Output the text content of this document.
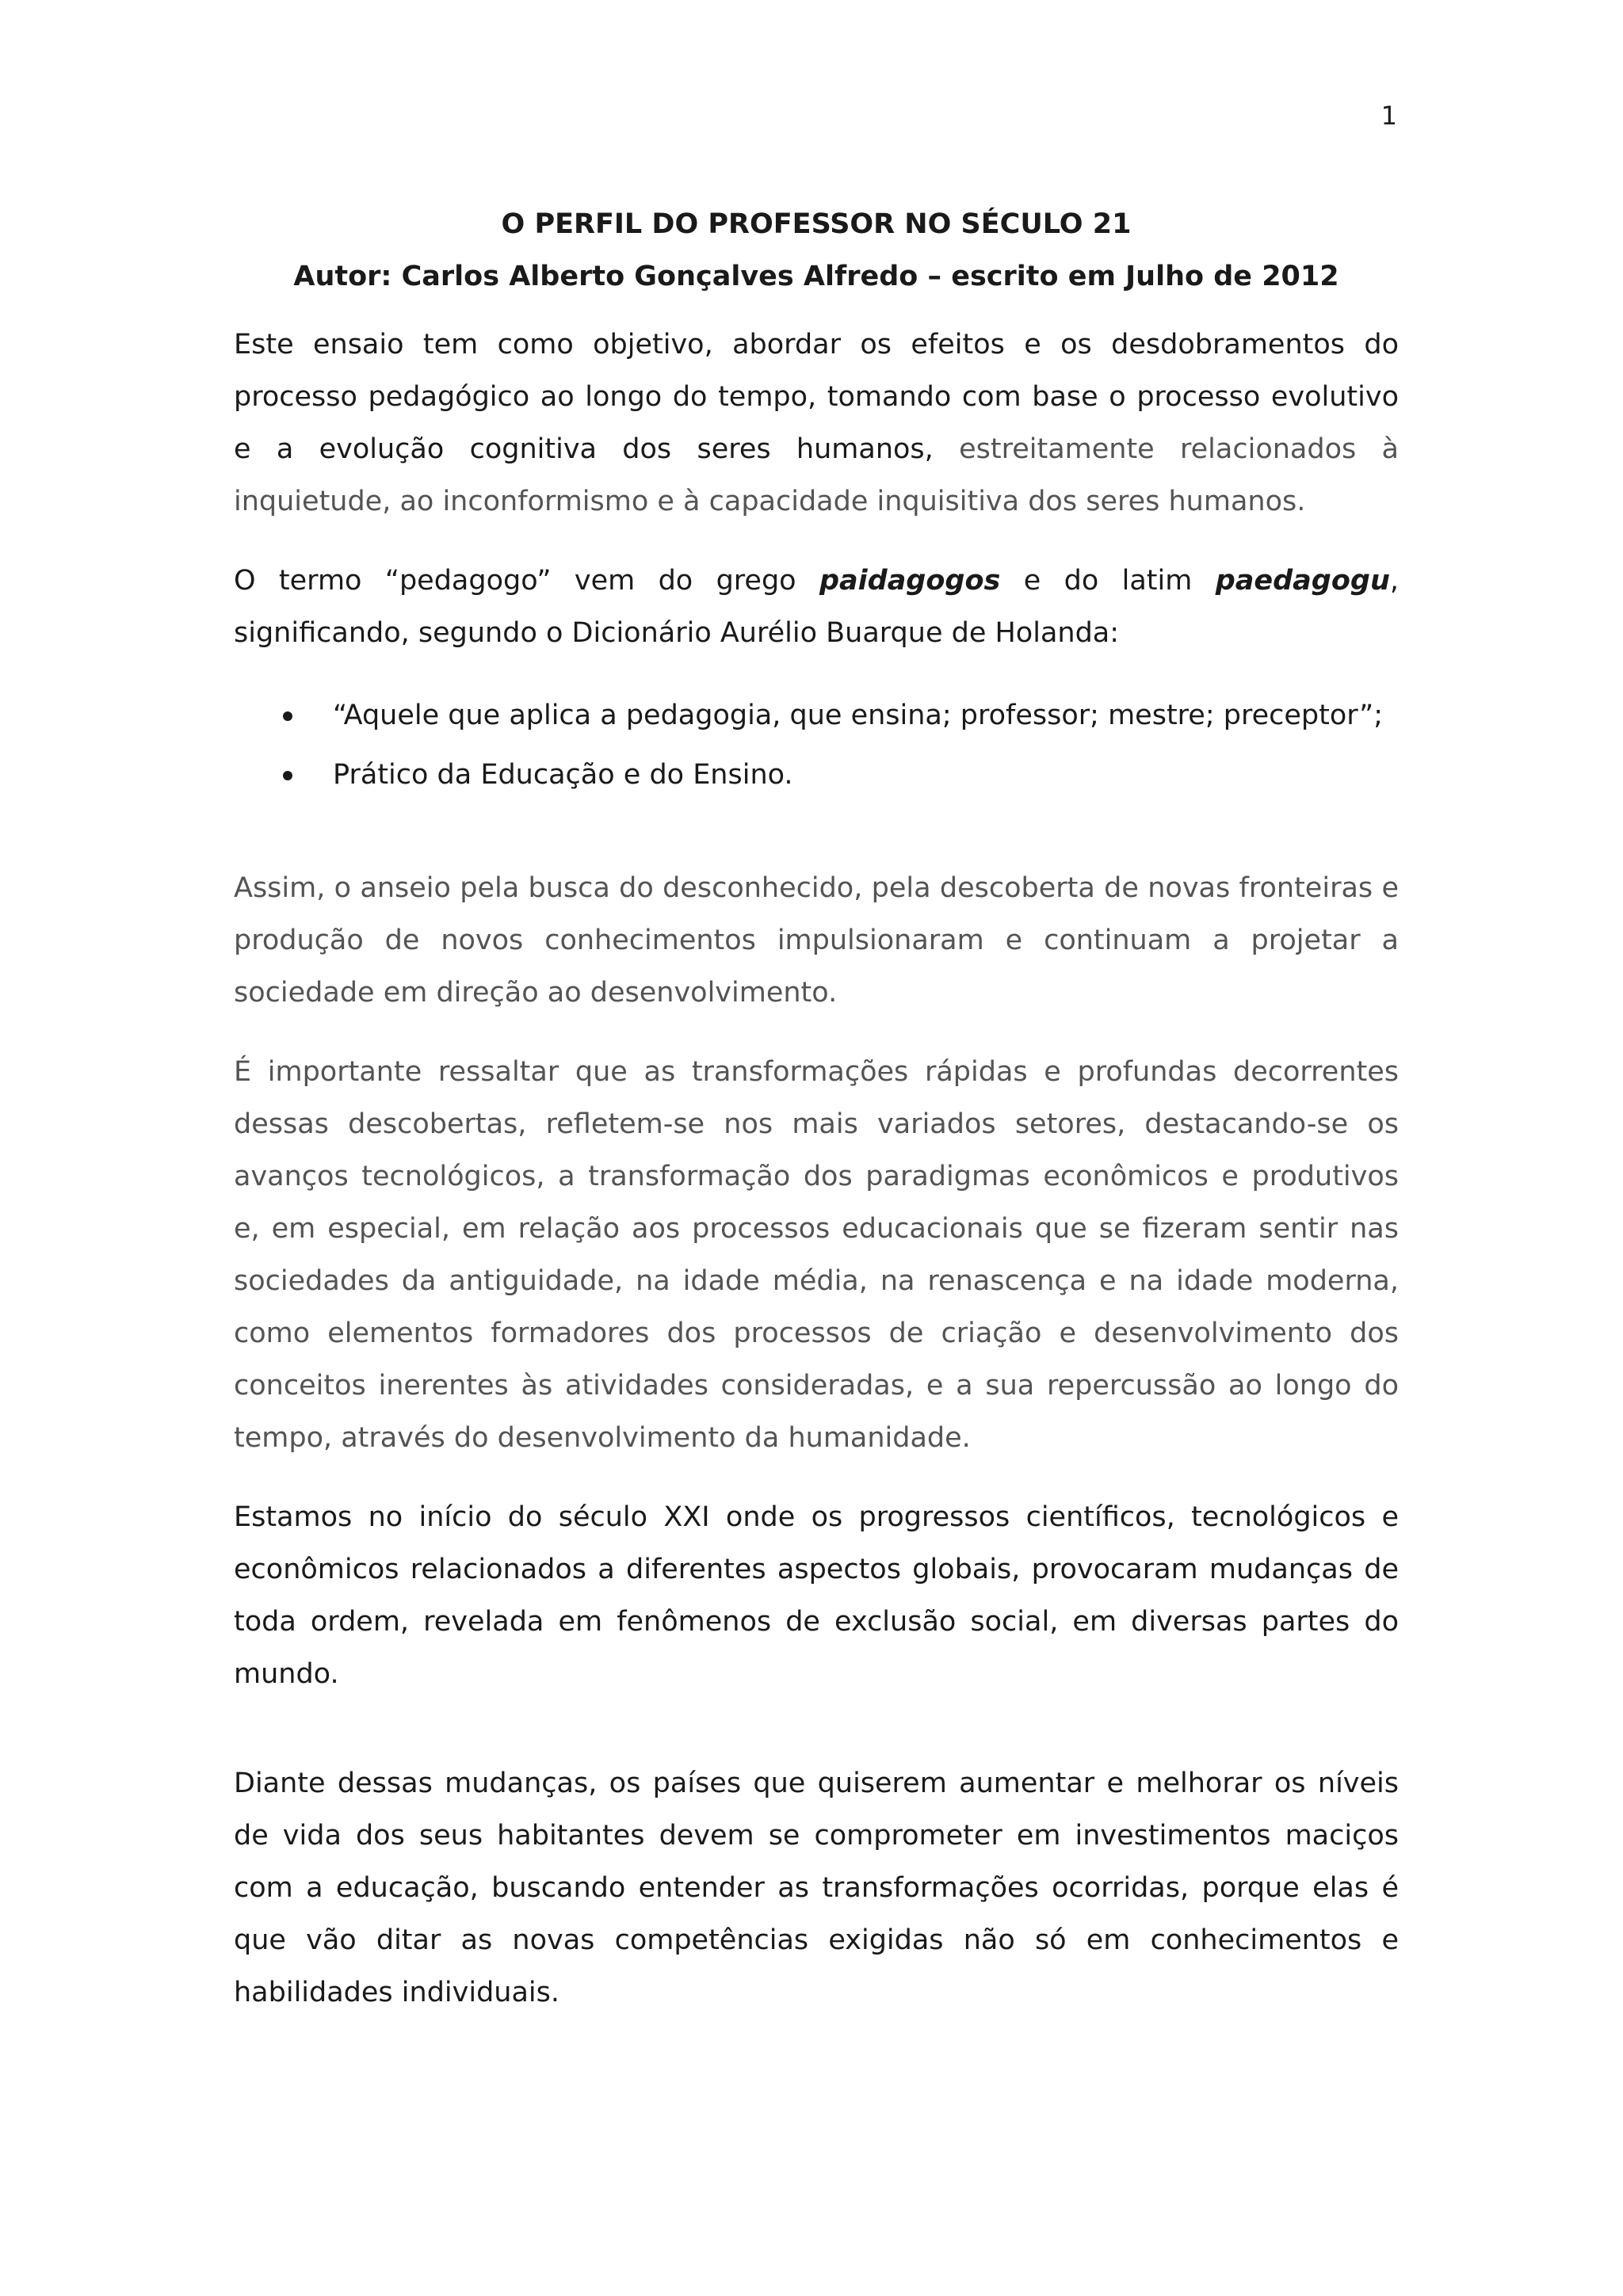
1
O PERFIL DO PROFESSOR NO SÉCULO 21
Autor: Carlos Alberto Gonçalves Alfredo – escrito em Julho de 2012

Este ensaio tem como objetivo, abordar os efeitos e os desdobramentos do processo pedagógico ao longo do tempo, tomando com base o processo evolutivo e a evolução cognitiva dos seres humanos, estreitamente relacionados à inquietude, ao inconformismo e à capacidade inquisitiva dos seres humanos.

O termo “pedagogo” vem do grego paidagogos e do latim paedagogu, significando, segundo o Dicionário Aurélio Buarque de Holanda:

“Aquele que aplica a pedagogia, que ensina; professor; mestre; preceptor”;
Prático da Educação e do Ensino.

Assim, o anseio pela busca do desconhecido, pela descoberta de novas fronteiras e produção de novos conhecimentos impulsionaram e continuam a projetar a sociedade em direção ao desenvolvimento.

É importante ressaltar que as transformações rápidas e profundas decorrentes dessas descobertas, refletem-se nos mais variados setores, destacando-se os avanços tecnológicos, a transformação dos paradigmas econômicos e produtivos e, em especial, em relação aos processos educacionais que se fizeram sentir nas sociedades da antiguidade, na idade média, na renascença e na idade moderna, como elementos formadores dos processos de criação e desenvolvimento dos conceitos inerentes às atividades consideradas, e a sua repercussão ao longo do tempo, através do desenvolvimento da humanidade.

Estamos no início do século XXI onde os progressos científicos, tecnológicos e econômicos relacionados a diferentes aspectos globais, provocaram mudanças de toda ordem, revelada em fenômenos de exclusão social, em diversas partes do mundo.

Diante dessas mudanças, os países que quiserem aumentar e melhorar os níveis de vida dos seus habitantes devem se comprometer em investimentos maciços com a educação, buscando entender as transformações ocorridas, porque elas é que vão ditar as novas competências exigidas não só em conhecimentos e habilidades individuais.
